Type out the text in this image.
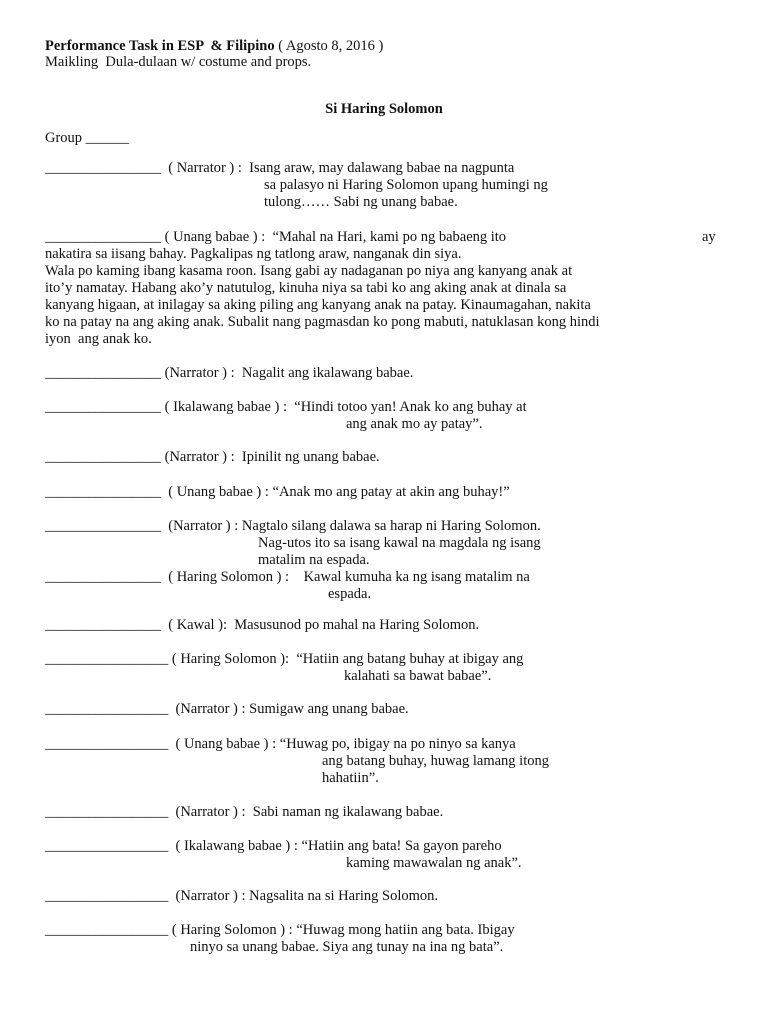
Performance Task in ESP  & Filipino ( Agosto 8, 2016 )
Maikling  Dula-dulaan w/ costume and props.
Si Haring Solomon
Group ______
________________  ( Narrator ) :  Isang araw, may dalawang babae na nagpunta
sa palasyo ni Haring Solomon upang humingi ng
tulong…… Sabi ng unang babae.
________________ ( Unang babae ) :  “Mahal na Hari, kami po ng babaeng ito	ay
nakatira sa iisang bahay. Pagkalipas ng tatlong araw, nanganak din siya.
Wala po kaming ibang kasama roon. Isang gabi ay nadaganan po niya ang kanyang anak at
ito’y namatay. Habang ako’y natutulog, kinuha niya sa tabi ko ang aking anak at dinala sa
kanyang higaan, at inilagay sa aking piling ang kanyang anak na patay. Kinaumagahan, nakita
ko na patay na ang aking anak. Subalit nang pagmasdan ko pong mabuti, natuklasan kong hindi
iyon  ang anak ko.
________________ (Narrator ) :  Nagalit ang ikalawang babae.
________________ ( Ikalawang babae ) :  “Hindi totoo yan! Anak ko ang buhay at
ang anak mo ay patay”.
________________ (Narrator ) :  Ipinilit ng unang babae.
________________  ( Unang babae ) : “Anak mo ang patay at akin ang buhay!”
________________  (Narrator ) : Nagtalo silang dalawa sa harap ni Haring Solomon.
Nag-utos ito sa isang kawal na magdala ng isang
matalim na espada.
________________  ( Haring Solomon ) :    Kawal kumuha ka ng isang matalim na
espada.
________________  ( Kawal ):  Masusunod po mahal na Haring Solomon.
_________________ ( Haring Solomon ):  “Hatiin ang batang buhay at ibigay ang
kalahati sa bawat babae”.
_________________  (Narrator ) : Sumigaw ang unang babae.
_________________  ( Unang babae ) : “Huwag po, ibigay na po ninyo sa kanya
ang batang buhay, huwag lamang itong
hahatiin”.
_________________  (Narrator ) :  Sabi naman ng ikalawang babae.
_________________  ( Ikalawang babae ) : “Hatiin ang bata! Sa gayon pareho
kaming mawawalan ng anak”.
_________________  (Narrator ) : Nagsalita na si Haring Solomon.
_________________ ( Haring Solomon ) : “Huwag mong hatiin ang bata. Ibigay
ninyo sa unang babae. Siya ang tunay na ina ng bata”.
